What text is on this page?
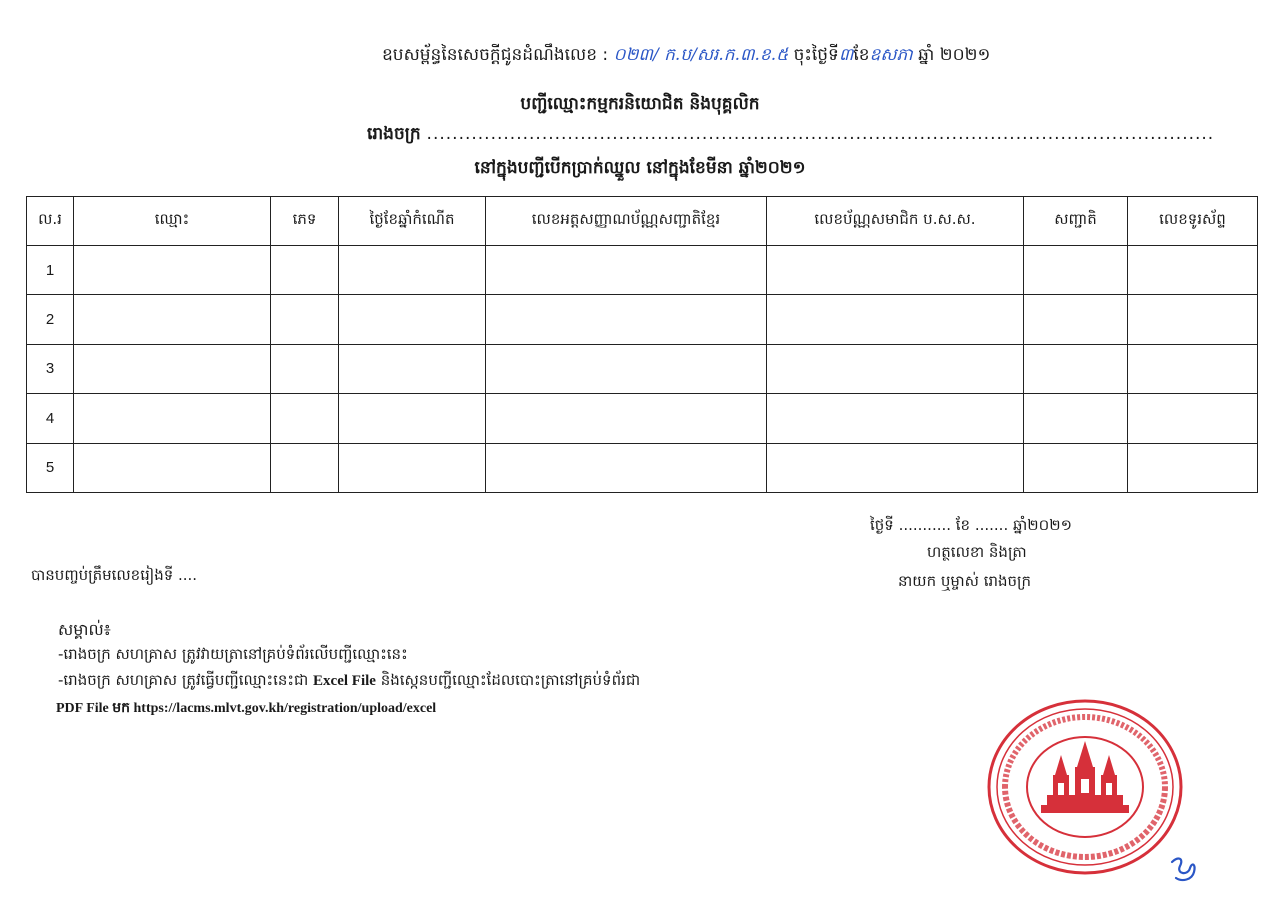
ឧបសម្ព័ន្ធនៃសេចក្តីជូនដំណឹងលេខ : ០២៣/ ក.ប/សរ.ក.៣.ខ.៥ ចុះថ្ងៃទី៣ខែឧសភា ឆ្នាំ ២០២១
បញ្ជីឈ្មោះកម្មករនិយោជិត និងបុគ្គលិក
រោងចក្រ ...........................................................................................................................
នៅក្នុងបញ្ជីបើកប្រាក់ឈ្នួល នៅក្នុងខែមីនា ឆ្នាំ២០២១
ល.រ	ឈ្មោះ	ភេទ	ថ្ងៃខែឆ្នាំកំណើត	លេខអត្តសញ្ញាណប័ណ្ណសញ្ជាតិខ្មែរ	លេខប័ណ្ណសមាជិក ប.ស.ស.	សញ្ជាតិ	លេខទូរស័ព្ទ
1							
2							
3							
4							
5							
ថ្ងៃទី ........... ខែ ....... ឆ្នាំ២០២១
ហត្ថលេខា និងត្រា
នាយក ឬម្ចាស់ រោងចក្រ
បានបញ្ចប់ត្រឹមលេខរៀងទី ....
សម្គាល់៖
-រោងចក្រ សហគ្រាស ត្រូវវាយត្រានៅគ្រប់ទំព័រលើបញ្ជីឈ្មោះនេះ
-រោងចក្រ សហគ្រាស ត្រូវធ្វើបញ្ជីឈ្មោះនេះជា Excel File និងស្កេនបញ្ជីឈ្មោះដែលបោះត្រានៅគ្រប់ទំព័រជា
PDF File មក https://lacms.mlvt.gov.kh/registration/upload/excel
